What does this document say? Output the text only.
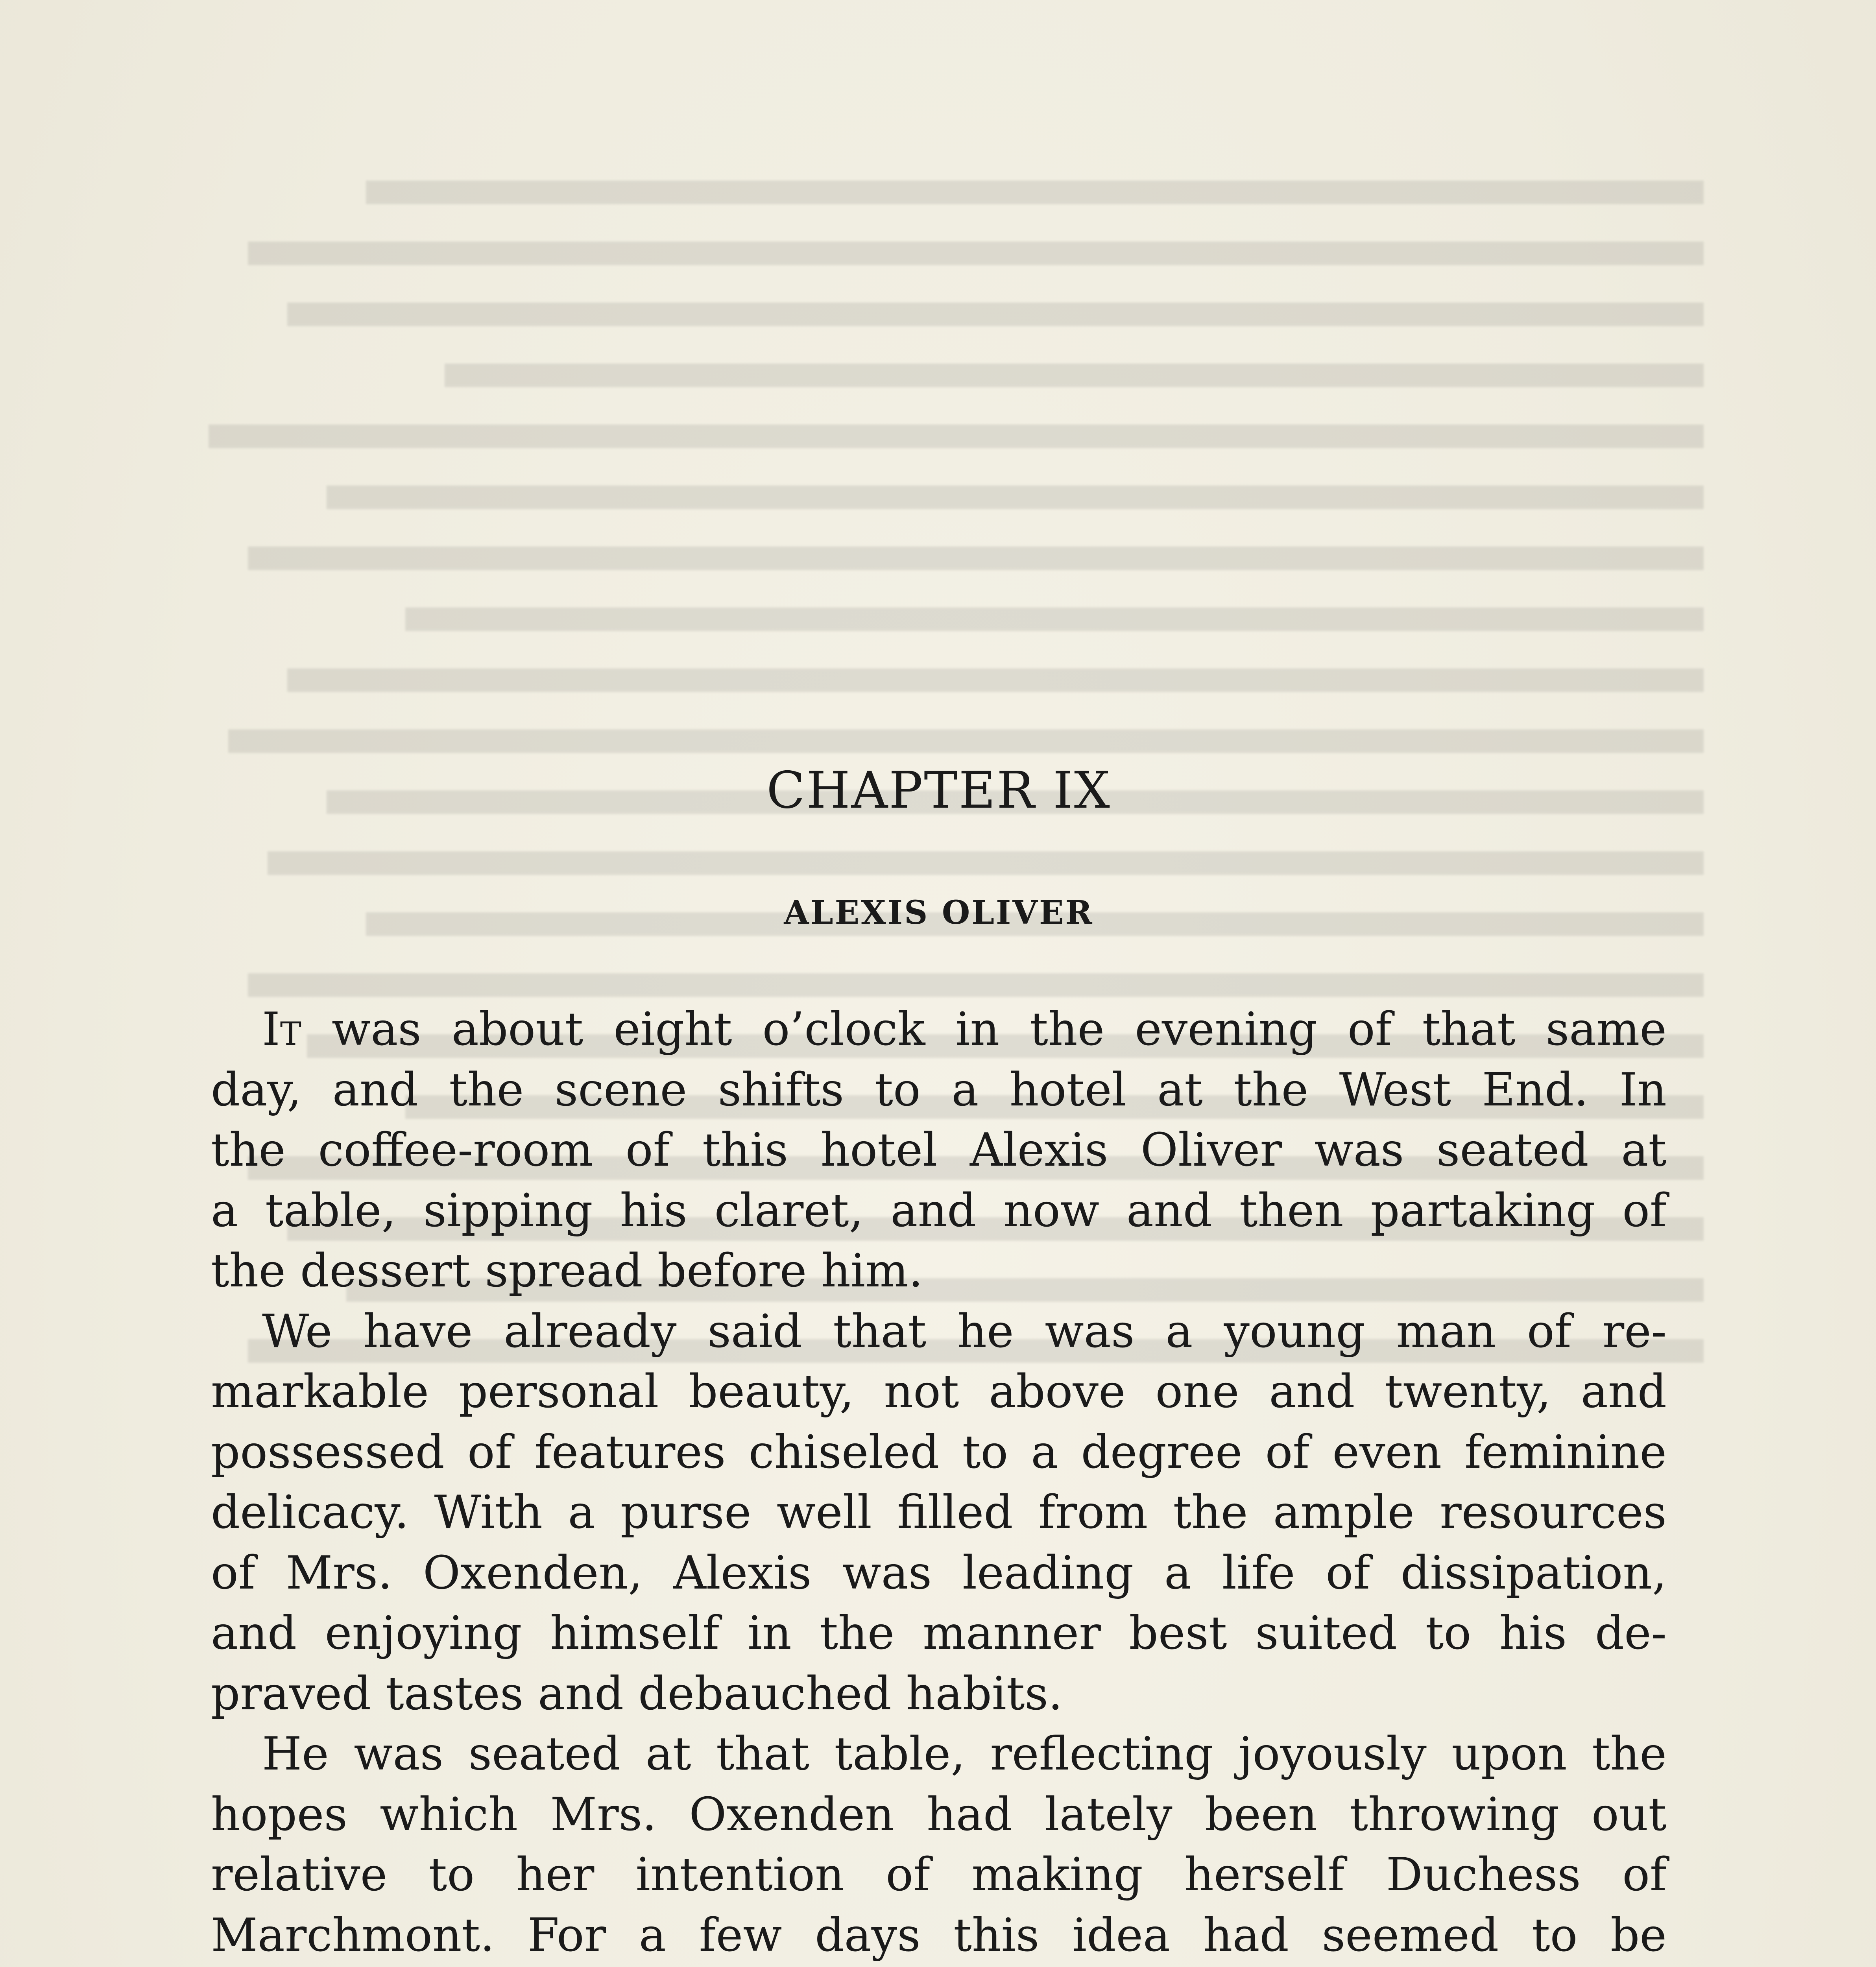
CHAPTER IX
ALEXIS OLIVER
It was about eight o’clock in the evening of that same
day, and the scene shifts to a hotel at the West End. In
the coffee-room of this hotel Alexis Oliver was seated at
a table, sipping his claret, and now and then partaking of
the dessert spread before him.
We have already said that he was a young man of re-
markable personal beauty, not above one and twenty, and
possessed of features chiseled to a degree of even feminine
delicacy. With a purse well filled from the ample resources
of Mrs. Oxenden, Alexis was leading a life of dissipation,
and enjoying himself in the manner best suited to his de-
praved tastes and debauched habits.
He was seated at that table, reflecting joyously upon the
hopes which Mrs. Oxenden had lately been throwing out
relative to her intention of making herself Duchess of
Marchmont. For a few days this idea had seemed to be
